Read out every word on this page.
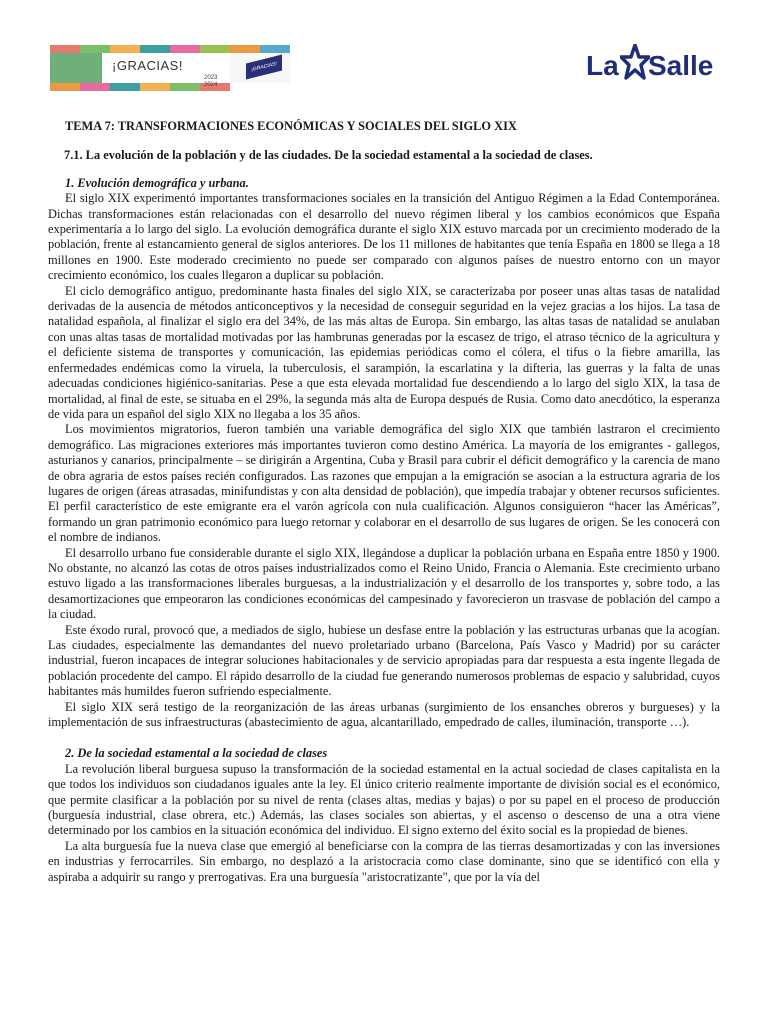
¡GRACIAS!
2023
2024
¡GRACIAS!	La Salle
TEMA 7: TRANSFORMACIONES ECONÓMICAS Y SOCIALES DEL SIGLO XIX
7.1. La evolución de la población y de las ciudades. De la sociedad estamental a la sociedad de clases.
1. Evolución demográfica y urbana.

El siglo XIX experimentó importantes transformaciones sociales en la transición del Antiguo Régimen a la Edad Contemporánea. Dichas transformaciones están relacionadas con el desarrollo del nuevo régimen liberal y los cambios económicos que España experimentaría a lo largo del siglo. La evolución demográfica durante el siglo XIX estuvo marcada por un crecimiento moderado de la población, frente al estancamiento general de siglos anteriores. De los 11 millones de habitantes que tenía España en 1800 se llega a 18 millones en 1900. Este moderado crecimiento no puede ser comparado con algunos países de nuestro entorno con un mayor crecimiento económico, los cuales llegaron a duplicar su población.

El ciclo demográfico antiguo, predominante hasta finales del siglo XIX, se caracterizaba por poseer unas altas tasas de natalidad derivadas de la ausencia de métodos anticonceptivos y la necesidad de conseguir seguridad en la vejez gracias a los hijos. La tasa de natalidad española, al finalizar el siglo era del 34%, de las más altas de Europa. Sin embargo, las altas tasas de natalidad se anulaban con unas altas tasas de mortalidad motivadas por las hambrunas generadas por la escasez de trigo, el atraso técnico de la agricultura y el deficiente sistema de transportes y comunicación, las epidemias periódicas como el cólera, el tifus o la fiebre amarilla, las enfermedades endémicas como la viruela, la tuberculosis, el sarampión, la escarlatina y la difteria, las guerras y la falta de unas adecuadas condiciones higiénico-sanitarias. Pese a que esta elevada mortalidad fue descendiendo a lo largo del siglo XIX, la tasa de mortalidad, al final de este, se situaba en el 29%, la segunda más alta de Europa después de Rusia. Como dato anecdótico, la esperanza de vida para un español del siglo XIX no llegaba a los 35 años.

Los movimientos migratorios, fueron también una variable demográfica del siglo XIX que también lastraron el crecimiento demográfico. Las migraciones exteriores más importantes tuvieron como destino América. La mayoría de los emigrantes - gallegos, asturianos y canarios, principalmente – se dirigirán a Argentina, Cuba y Brasil para cubrir el déficit demográfico y la carencia de mano de obra agraria de estos países recién configurados. Las razones que empujan a la emigración se asocian a la estructura agraria de los lugares de origen (áreas atrasadas, minifundistas y con alta densidad de población), que impedía trabajar y obtener recursos suficientes. El perfil característico de este emigrante era el varón agrícola con nula cualificación. Algunos consiguieron “hacer las Américas”, formando un gran patrimonio económico para luego retornar y colaborar en el desarrollo de sus lugares de origen. Se les conocerá con el nombre de indianos.

El desarrollo urbano fue considerable durante el siglo XIX, llegándose a duplicar la población urbana en España entre 1850 y 1900. No obstante, no alcanzó las cotas de otros países industrializados como el Reino Unido, Francia o Alemania. Este crecimiento urbano estuvo ligado a las transformaciones liberales burguesas, a la industrialización y el desarrollo de los transportes y, sobre todo, a las desamortizaciones que empeoraron las condiciones económicas del campesinado y favorecieron un trasvase de población del campo a la ciudad.

Este éxodo rural, provocó que, a mediados de siglo, hubiese un desfase entre la población y las estructuras urbanas que la acogían. Las ciudades, especialmente las demandantes del nuevo proletariado urbano (Barcelona, País Vasco y Madrid) por su carácter industrial, fueron incapaces de integrar soluciones habitacionales y de servicio apropiadas para dar respuesta a esta ingente llegada de población procedente del campo. El rápido desarrollo de la ciudad fue generando numerosos problemas de espacio y salubridad, cuyos habitantes más humildes fueron sufriendo especialmente.

El siglo XIX será testigo de la reorganización de las áreas urbanas (surgimiento de los ensanches obreros y burgueses) y la implementación de sus infraestructuras (abastecimiento de agua, alcantarillado, empedrado de calles, iluminación, transporte …).

2. De la sociedad estamental a la sociedad de clases

La revolución liberal burguesa supuso la transformación de la sociedad estamental en la actual sociedad de clases capitalista en la que todos los individuos son ciudadanos iguales ante la ley. El único criterio realmente importante de división social es el económico, que permite clasificar a la población por su nivel de renta (clases altas, medias y bajas) o por su papel en el proceso de producción (burguesía industrial, clase obrera, etc.) Además, las clases sociales son abiertas, y el ascenso o descenso de una a otra viene determinado por los cambios en la situación económica del individuo. El signo externo del éxito social es la propiedad de bienes.

La alta burguesía fue la nueva clase que emergió al beneficiarse con la compra de las tierras desamortizadas y con las inversiones en industrias y ferrocarriles. Sin embargo, no desplazó a la aristocracia como clase dominante, sino que se identificó con ella y aspiraba a adquirir su rango y prerrogativas. Era una burguesía "aristocratizante", que por la vía del
